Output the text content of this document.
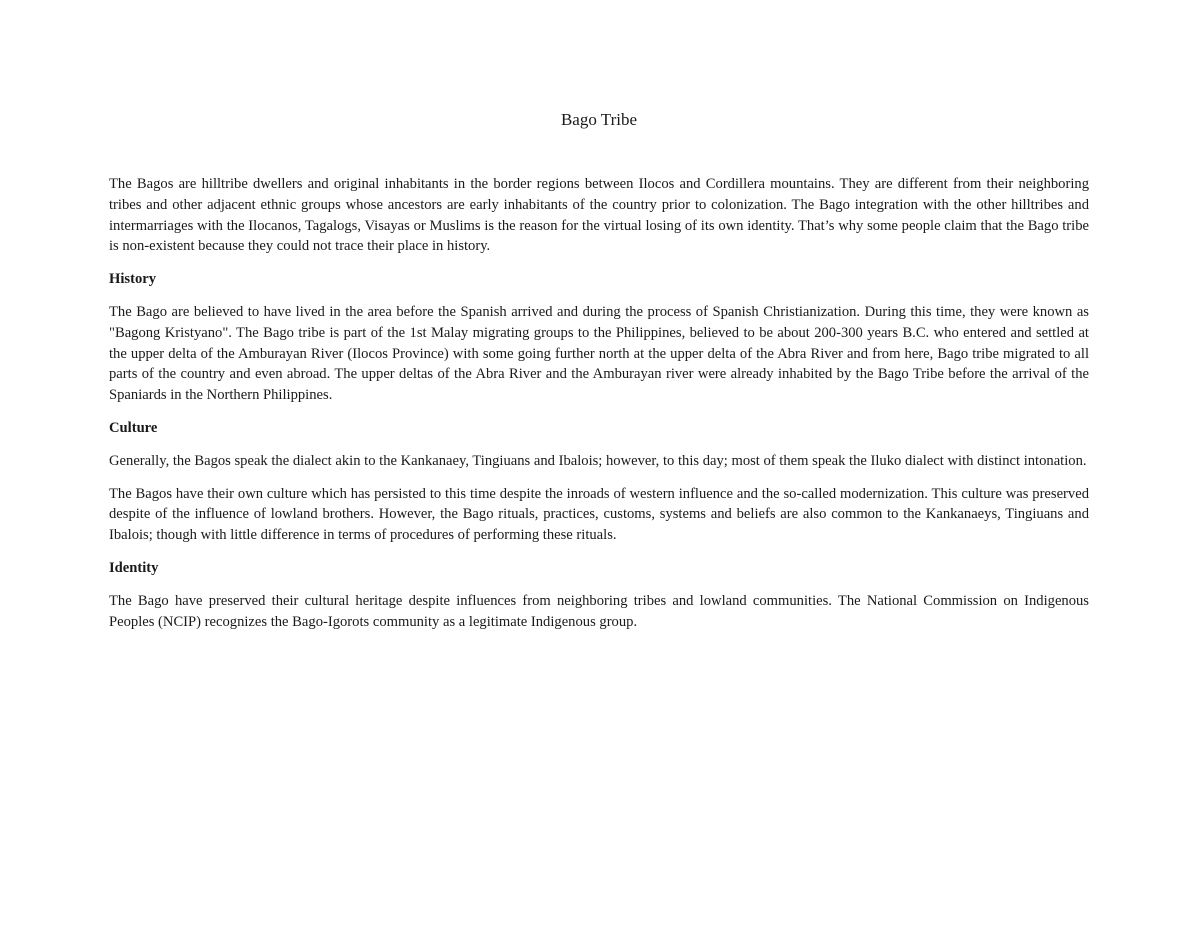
Bago Tribe

The Bagos are hilltribe dwellers and original inhabitants in the border regions between Ilocos and Cordillera mountains. They are different from their neighboring tribes and other adjacent ethnic groups whose ancestors are early inhabitants of the country prior to colonization. The Bago integration with the other hilltribes and intermarriages with the Ilocanos, Tagalogs, Visayas or Muslims is the reason for the virtual losing of its own identity. That’s why some people claim that the Bago tribe is non-existent because they could not trace their place in history.

History

The Bago are believed to have lived in the area before the Spanish arrived and during the process of Spanish Christianization. During this time, they were known as "Bagong Kristyano". The Bago tribe is part of the 1st Malay migrating groups to the Philippines, believed to be about 200-300 years B.C. who entered and settled at the upper delta of the Amburayan River (Ilocos Province) with some going further north at the upper delta of the Abra River and from here, Bago tribe migrated to all parts of the country and even abroad. The upper deltas of the Abra River and the Amburayan river were already inhabited by the Bago Tribe before the arrival of the Spaniards in the Northern Philippines.

Culture

Generally, the Bagos speak the dialect akin to the Kankanaey, Tingiuans and Ibalois; however, to this day; most of them speak the Iluko dialect with distinct intonation.

The Bagos have their own culture which has persisted to this time despite the inroads of western influence and the so-called modernization. This culture was preserved despite of the influence of lowland brothers. However, the Bago rituals, practices, customs, systems and beliefs are also common to the Kankanaeys, Tingiuans and Ibalois; though with little difference in terms of procedures of performing these rituals.

Identity

The Bago have preserved their cultural heritage despite influences from neighboring tribes and lowland communities. The National Commission on Indigenous Peoples (NCIP) recognizes the Bago-Igorots community as a legitimate Indigenous group.
